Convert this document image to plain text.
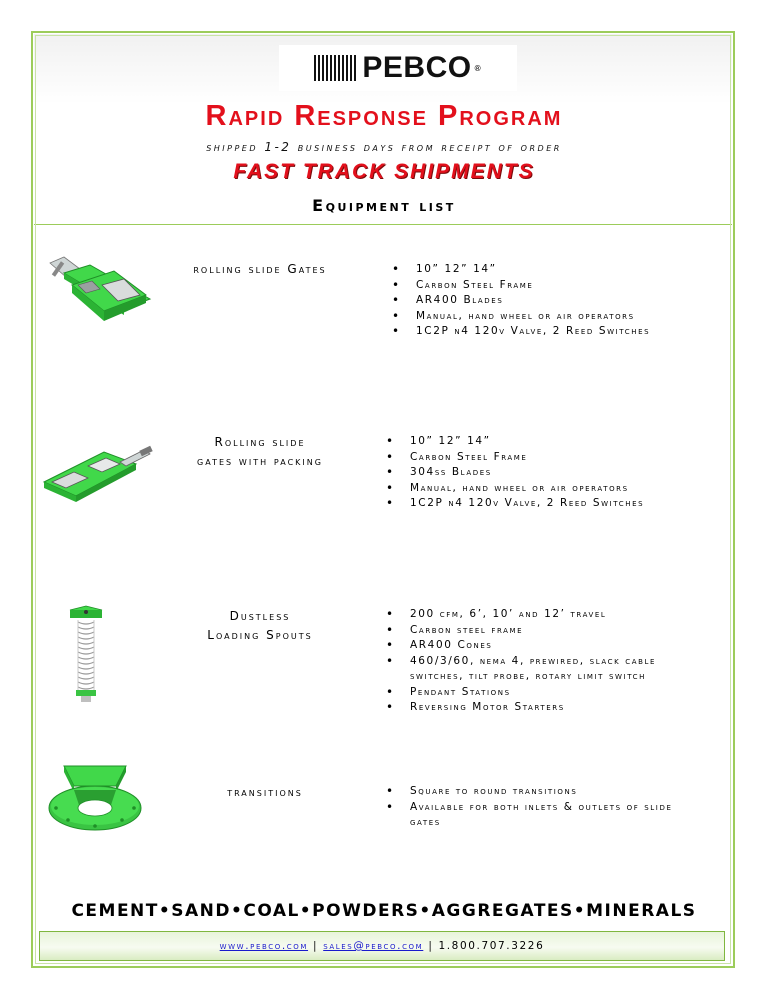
PEBCO ®
Rapid Response Program
shipped 1-2 business days from receipt of order
FAST TRACK SHIPMENTS
Equipment list
rolling slide Gates	• 10” 12” 14”
• Carbon Steel Frame
• AR400 Blades
• Manual, hand wheel or air operators
• 1C2P n4 120v Valve, 2 Reed Switches
Rolling slide
gates with packing
• 10” 12” 14”
• Carbon Steel Frame
• 304ss Blades
• Manual, hand wheel or air operators
• 1C2P n4 120v Valve, 2 Reed Switches
Dustless
Loading Spouts
• 200 cfm, 6’, 10’ and 12’ travel
• Carbon steel frame
• AR400 Cones
• 460/3/60, nema 4, prewired, slack cable switches, tilt probe, rotary limit switch
• Pendant Stations
• Reversing Motor Starters
transitions	• Square to round transitions
• Available for both inlets & outlets of slide gates
CEMENT•SAND•COAL•POWDERS•AGGREGATES•MINERALS
www.pebco.com | sales@pebco.com | 1.800.707.3226
